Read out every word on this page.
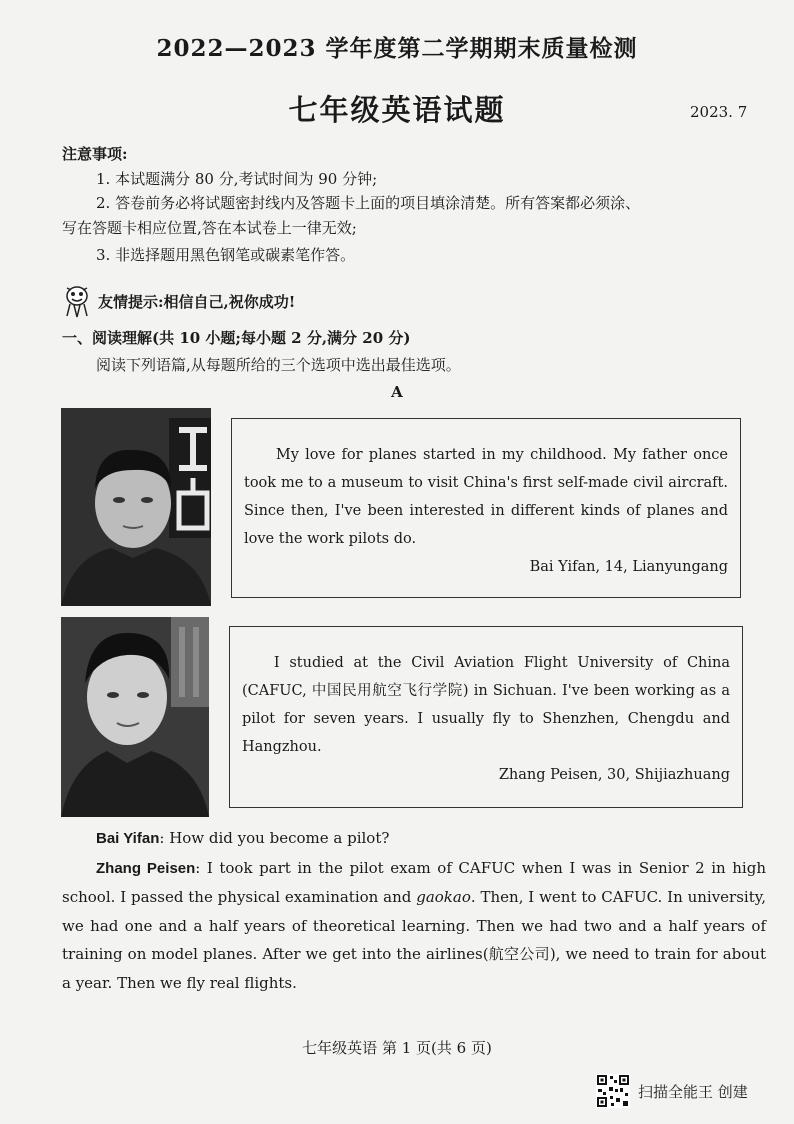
2022—2023 学年度第二学期期末质量检测
七年级英语试题	2023. 7
注意事项:
1. 本试题满分 80 分,考试时间为 90 分钟;
2. 答卷前务必将试题密封线内及答题卡上面的项目填涂清楚。所有答案都必须涂、
写在答题卡相应位置,答在本试卷上一律无效;
3. 非选择题用黑色钢笔或碳素笔作答。
友情提示:相信自己,祝你成功!
一、阅读理解(共 10 小题;每小题 2 分,满分 20 分)
阅读下列语篇,从每题所给的三个选项中选出最佳选项。
A

My love for planes started in my childhood. My father once took me to a museum to visit China's first self-made civil aircraft. Since then, I've been interested in different kinds of planes and love the work pilots do.

Bai Yifan, 14, Lianyungang

I studied at the Civil Aviation Flight University of China (CAFUC, 中国民用航空飞行学院) in Sichuan. I've been working as a pilot for seven years. I usually fly to Shenzhen, Chengdu and Hangzhou.

Zhang Peisen, 30, Shijiazhuang

Bai Yifan: How did you become a pilot?

Zhang Peisen: I took part in the pilot exam of CAFUC when I was in Senior 2 in high school. I passed the physical examination and gaokao. Then, I went to CAFUC. In university, we had one and a half years of theoretical learning. Then we had two and a half years of training on model planes. After we get into the airlines(航空公司), we need to train for about a year. Then we fly real flights.

七年级英语 第 1 页(共 6 页)
扫描全能王 创建
